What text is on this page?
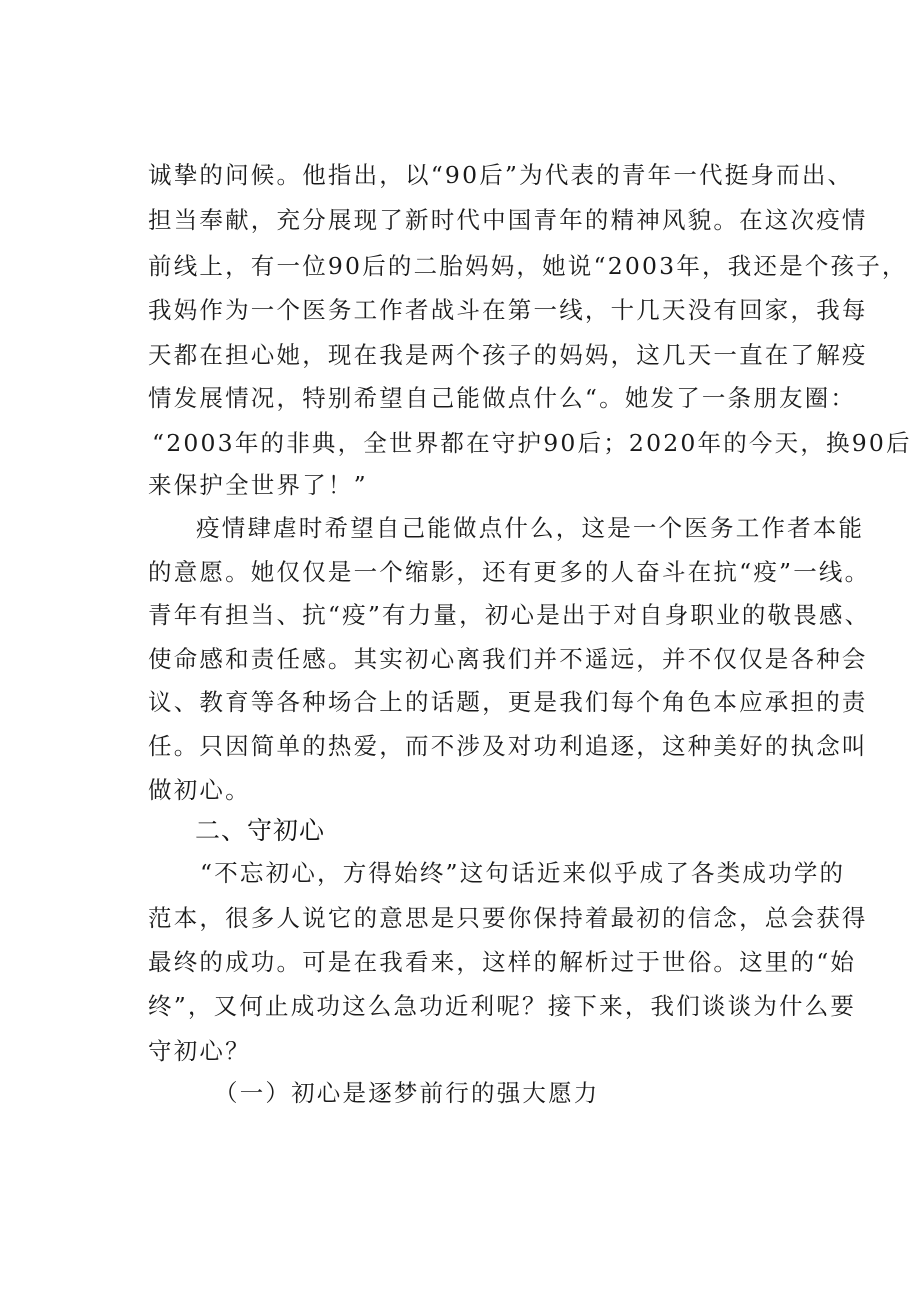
诚挚的问候。他指出，以“90后”为代表的青年一代挺身而出、
担当奉献，充分展现了新时代中国青年的精神风貌。在这次疫情
前线上，有一位90后的二胎妈妈，她说“2003年，我还是个孩子，
我妈作为一个医务工作者战斗在第一线，十几天没有回家，我每
天都在担心她，现在我是两个孩子的妈妈，这几天一直在了解疫
情发展情况，特别希望自己能做点什么“。她发了一条朋友圈：
“2003年的非典，全世界都在守护90后；2020年的今天，换90后
来保护全世界了！”
疫情肆虐时希望自己能做点什么，这是一个医务工作者本能
的意愿。她仅仅是一个缩影，还有更多的人奋斗在抗“疫”一线。
青年有担当、抗“疫”有力量，初心是出于对自身职业的敬畏感、
使命感和责任感。其实初心离我们并不遥远，并不仅仅是各种会
议、教育等各种场合上的话题，更是我们每个角色本应承担的责
任。只因简单的热爱，而不涉及对功利追逐，这种美好的执念叫
做初心。
二、守初心
“不忘初心，方得始终”这句话近来似乎成了各类成功学的
范本，很多人说它的意思是只要你保持着最初的信念，总会获得
最终的成功。可是在我看来，这样的解析过于世俗。这里的“始
终”，又何止成功这么急功近利呢？接下来，我们谈谈为什么要
守初心？
（一）初心是逐梦前行的强大愿力
